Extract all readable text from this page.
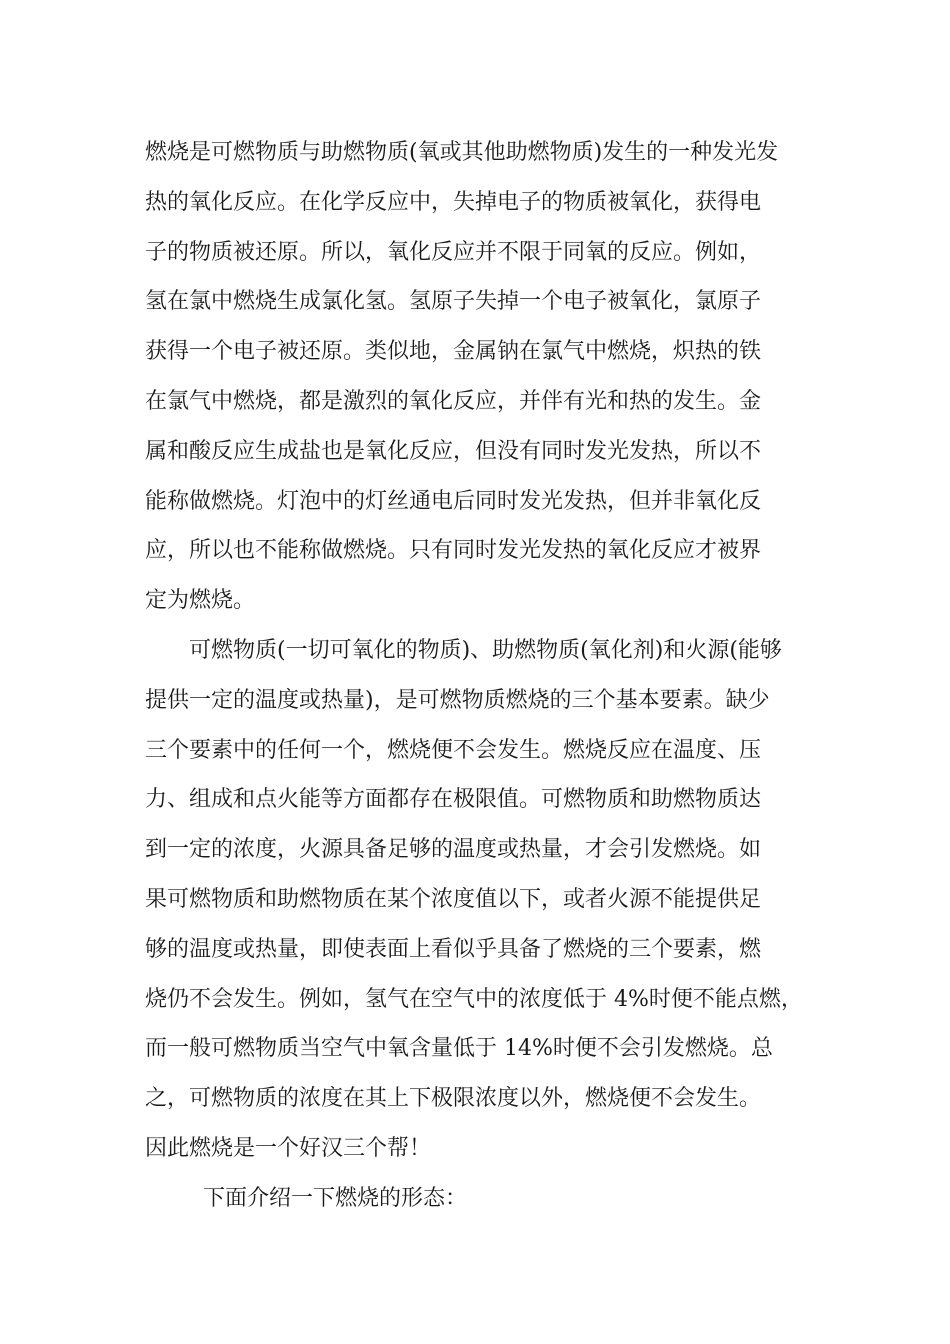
燃烧是可燃物质与助燃物质(氧或其他助燃物质)发生的一种发光发
热的氧化反应。在化学反应中，失掉电子的物质被氧化，获得电
子的物质被还原。所以，氧化反应并不限于同氧的反应。例如，
氢在氯中燃烧生成氯化氢。氢原子失掉一个电子被氧化，氯原子
获得一个电子被还原。类似地，金属钠在氯气中燃烧，炽热的铁
在氯气中燃烧，都是激烈的氧化反应，并伴有光和热的发生。金
属和酸反应生成盐也是氧化反应，但没有同时发光发热，所以不
能称做燃烧。灯泡中的灯丝通电后同时发光发热，但并非氧化反
应，所以也不能称做燃烧。只有同时发光发热的氧化反应才被界
定为燃烧。
可燃物质(一切可氧化的物质)、助燃物质(氧化剂)和火源(能够
提供一定的温度或热量)，是可燃物质燃烧的三个基本要素。缺少
三个要素中的任何一个，燃烧便不会发生。燃烧反应在温度、压
力、组成和点火能等方面都存在极限值。可燃物质和助燃物质达
到一定的浓度，火源具备足够的温度或热量，才会引发燃烧。如
果可燃物质和助燃物质在某个浓度值以下，或者火源不能提供足
够的温度或热量，即使表面上看似乎具备了燃烧的三个要素，燃
烧仍不会发生。例如，氢气在空气中的浓度低于 4%时便不能点燃，
而一般可燃物质当空气中氧含量低于 14%时便不会引发燃烧。总
之，可燃物质的浓度在其上下极限浓度以外，燃烧便不会发生。
因此燃烧是一个好汉三个帮！
下面介绍一下燃烧的形态：
